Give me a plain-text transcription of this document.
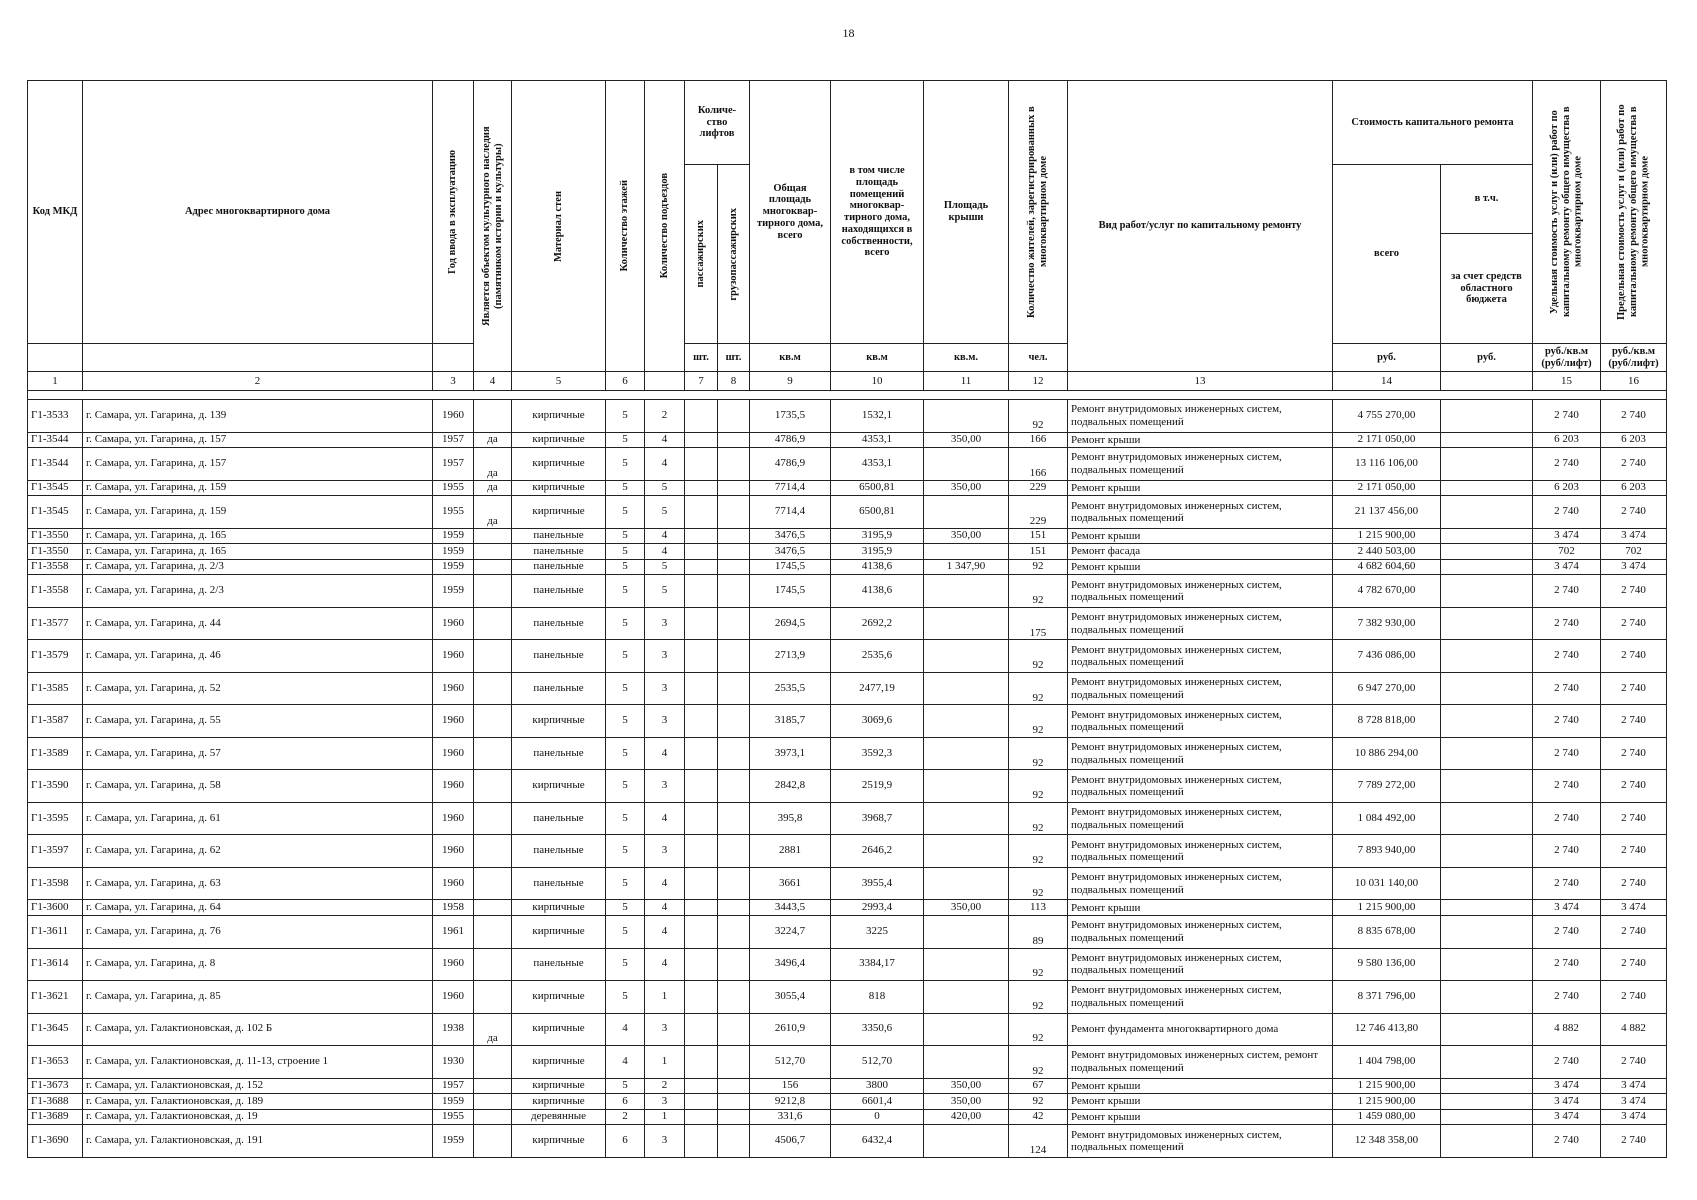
18
Код МКД	Адрес многоквартирного дома	Год ввода в эксплуатацию	Является объектом культурного наследия (памятником истории и культуры)	Материал стен	Количество этажей	Количество подъездов	Количе-ство лифтов		Общая площадь многоквар-тирного дома, всего	в том числе площадь помещений многоквар-тирного дома, находящихся в собственности, всего	Площадь крыши	Количество жителей, зарегистрированных в многоквартирном доме	Вид работ/услуг по капитальному ремонту	Стоимость капитального ремонта		Удельная стоимость услуг и (или) работ по капитальному ремонту общего имущества в многоквартирном доме	Предельная стоимость услуг и (или) работ по капитальному ремонту общего имущества в многоквартирном доме

							пассажирских	грузопассажирских						всего	в т.ч.		
															за счет средств областного бюджета		
							шт.	шт.	кв.м	кв.м	кв.м.	чел.		руб.	руб.	руб./кв.м (руб/лифт)	руб./кв.м (руб/лифт)
1	2	3	4	5	6		7	8	9	10	11	12	13	14		15	16

Г1-3533	г. Самара, ул. Гагарина, д. 139	1960		кирпичные	5	2			1735,5	1532,1		92	Ремонт внутридомовых инженерных систем, подвальных помещений	4 755 270,00		2 740	2 740
Г1-3544	г. Самара, ул. Гагарина, д. 157	1957	да	кирпичные	5	4			4786,9	4353,1	350,00	166	Ремонт крыши	2 171 050,00		6 203	6 203
Г1-3544	г. Самара, ул. Гагарина, д. 157	1957	да	кирпичные	5	4			4786,9	4353,1		166	Ремонт внутридомовых инженерных систем, подвальных помещений	13 116 106,00		2 740	2 740
Г1-3545	г. Самара, ул. Гагарина, д. 159	1955	да	кирпичные	5	5			7714,4	6500,81	350,00	229	Ремонт крыши	2 171 050,00		6 203	6 203
Г1-3545	г. Самара, ул. Гагарина, д. 159	1955	да	кирпичные	5	5			7714,4	6500,81		229	Ремонт внутридомовых инженерных систем, подвальных помещений	21 137 456,00		2 740	2 740
Г1-3550	г. Самара, ул. Гагарина, д. 165	1959		панельные	5	4			3476,5	3195,9	350,00	151	Ремонт крыши	1 215 900,00		3 474	3 474
Г1-3550	г. Самара, ул. Гагарина, д. 165	1959		панельные	5	4			3476,5	3195,9		151	Ремонт фасада	2 440 503,00		702	702
Г1-3558	г. Самара, ул. Гагарина, д. 2/3	1959		панельные	5	5			1745,5	4138,6	1 347,90	92	Ремонт крыши	4 682 604,60		3 474	3 474
Г1-3558	г. Самара, ул. Гагарина, д. 2/3	1959		панельные	5	5			1745,5	4138,6		92	Ремонт внутридомовых инженерных систем, подвальных помещений	4 782 670,00		2 740	2 740
Г1-3577	г. Самара, ул. Гагарина, д. 44	1960		панельные	5	3			2694,5	2692,2		175	Ремонт внутридомовых инженерных систем, подвальных помещений	7 382 930,00		2 740	2 740
Г1-3579	г. Самара, ул. Гагарина, д. 46	1960		панельные	5	3			2713,9	2535,6		92	Ремонт внутридомовых инженерных систем, подвальных помещений	7 436 086,00		2 740	2 740
Г1-3585	г. Самара, ул. Гагарина, д. 52	1960		панельные	5	3			2535,5	2477,19		92	Ремонт внутридомовых инженерных систем, подвальных помещений	6 947 270,00		2 740	2 740
Г1-3587	г. Самара, ул. Гагарина, д. 55	1960		кирпичные	5	3			3185,7	3069,6		92	Ремонт внутридомовых инженерных систем, подвальных помещений	8 728 818,00		2 740	2 740
Г1-3589	г. Самара, ул. Гагарина, д. 57	1960		панельные	5	4			3973,1	3592,3		92	Ремонт внутридомовых инженерных систем, подвальных помещений	10 886 294,00		2 740	2 740
Г1-3590	г. Самара, ул. Гагарина, д. 58	1960		кирпичные	5	3			2842,8	2519,9		92	Ремонт внутридомовых инженерных систем, подвальных помещений	7 789 272,00		2 740	2 740
Г1-3595	г. Самара, ул. Гагарина, д. 61	1960		панельные	5	4			395,8	3968,7		92	Ремонт внутридомовых инженерных систем, подвальных помещений	1 084 492,00		2 740	2 740
Г1-3597	г. Самара, ул. Гагарина, д. 62	1960		панельные	5	3			2881	2646,2		92	Ремонт внутридомовых инженерных систем, подвальных помещений	7 893 940,00		2 740	2 740
Г1-3598	г. Самара, ул. Гагарина, д. 63	1960		панельные	5	4			3661	3955,4		92	Ремонт внутридомовых инженерных систем, подвальных помещений	10 031 140,00		2 740	2 740
Г1-3600	г. Самара, ул. Гагарина, д. 64	1958		кирпичные	5	4			3443,5	2993,4	350,00	113	Ремонт крыши	1 215 900,00		3 474	3 474
Г1-3611	г. Самара, ул. Гагарина, д. 76	1961		кирпичные	5	4			3224,7	3225		89	Ремонт внутридомовых инженерных систем, подвальных помещений	8 835 678,00		2 740	2 740
Г1-3614	г. Самара, ул. Гагарина, д. 8	1960		панельные	5	4			3496,4	3384,17		92	Ремонт внутридомовых инженерных систем, подвальных помещений	9 580 136,00		2 740	2 740
Г1-3621	г. Самара, ул. Гагарина, д. 85	1960		кирпичные	5	1			3055,4	818		92	Ремонт внутридомовых инженерных систем, подвальных помещений	8 371 796,00		2 740	2 740
Г1-3645	г. Самара, ул. Галактионовская, д. 102 Б	1938	да	кирпичные	4	3			2610,9	3350,6		92	Ремонт фундамента многоквартирного дома	12 746 413,80		4 882	4 882
Г1-3653	г. Самара, ул. Галактионовская, д. 11-13, строение 1	1930		кирпичные	4	1			512,70	512,70		92	Ремонт внутридомовых инженерных систем, ремонт подвальных помещений	1 404 798,00		2 740	2 740
Г1-3673	г. Самара, ул. Галактионовская, д. 152	1957		кирпичные	5	2			156	3800	350,00	67	Ремонт крыши	1 215 900,00		3 474	3 474
Г1-3688	г. Самара, ул. Галактионовская, д. 189	1959		кирпичные	6	3			9212,8	6601,4	350,00	92	Ремонт крыши	1 215 900,00		3 474	3 474
Г1-3689	г. Самара, ул. Галактионовская, д. 19	1955		деревянные	2	1			331,6	0	420,00	42	Ремонт крыши	1 459 080,00		3 474	3 474
Г1-3690	г. Самара, ул. Галактионовская, д. 191	1959		кирпичные	6	3			4506,7	6432,4		124	Ремонт внутридомовых инженерных систем, подвальных помещений	12 348 358,00		2 740	2 740
